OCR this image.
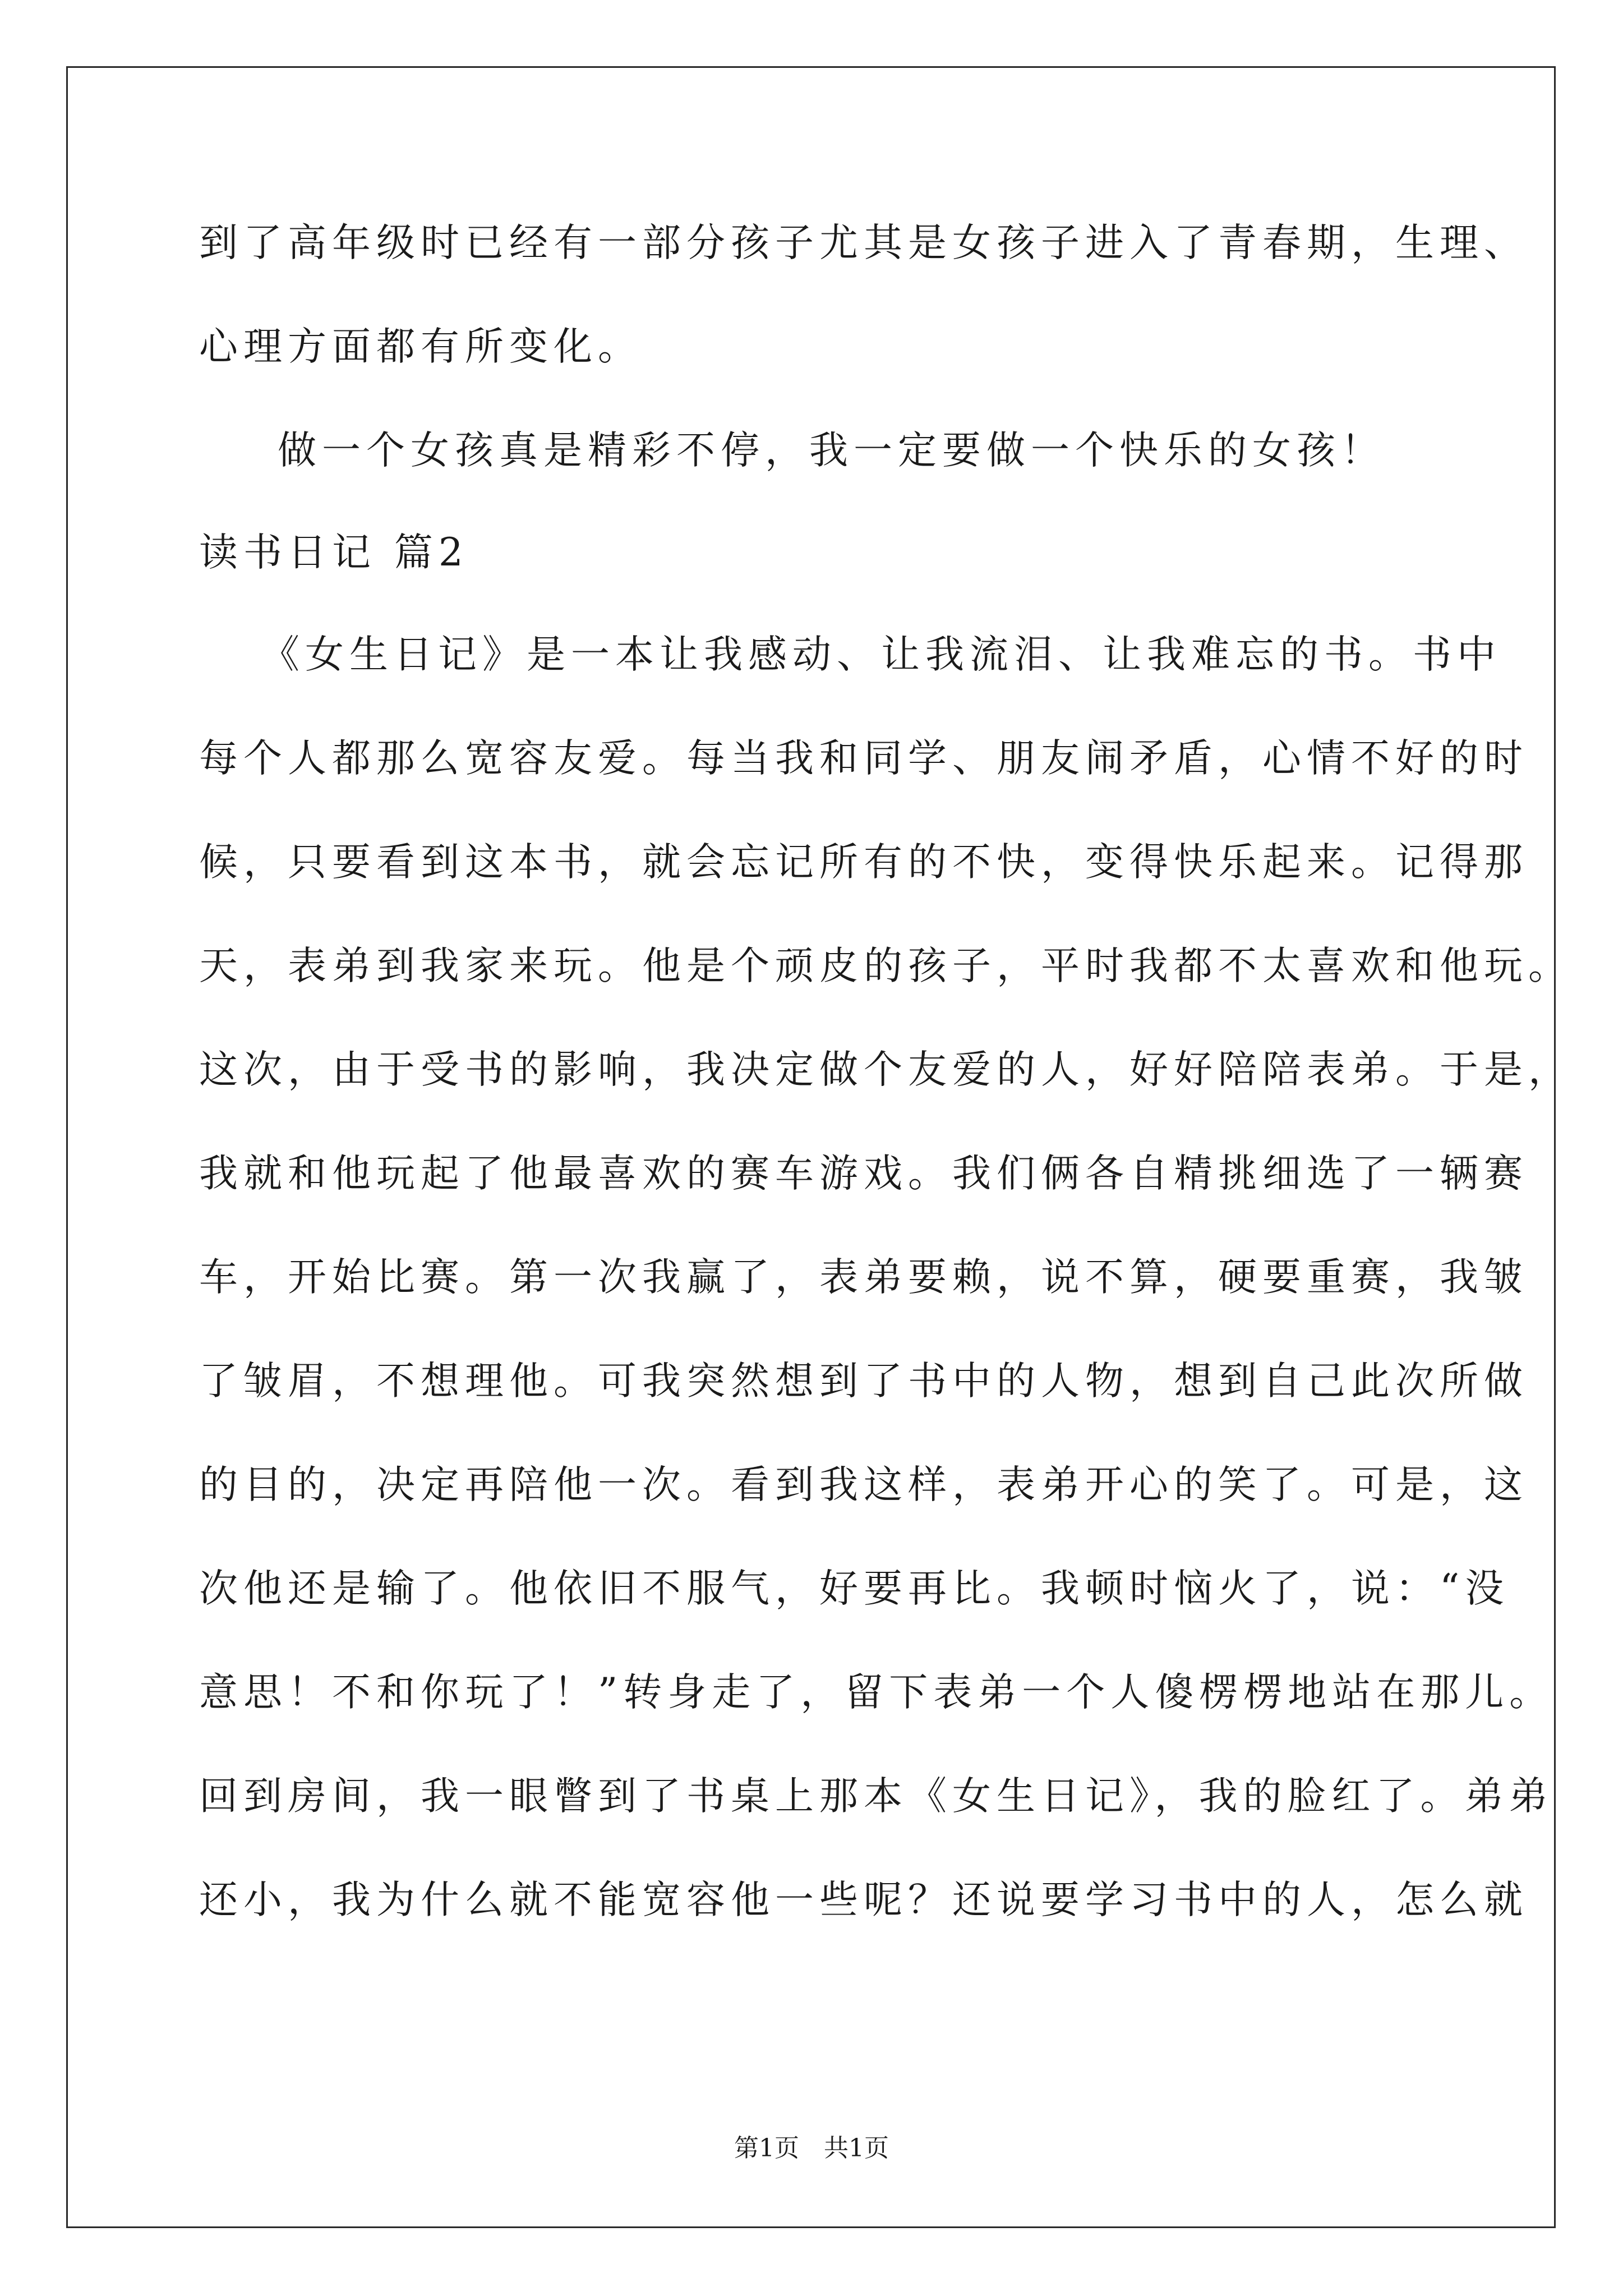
到了高年级时已经有一部分孩子尤其是女孩子进入了青春期，生理、
心理方面都有所变化。
做一个女孩真是精彩不停，我一定要做一个快乐的女孩！
读书日记 篇2
《女生日记》是一本让我感动、让我流泪、让我难忘的书。书中
每个人都那么宽容友爱。每当我和同学、朋友闹矛盾，心情不好的时
候，只要看到这本书，就会忘记所有的不快，变得快乐起来。记得那
天，表弟到我家来玩。他是个顽皮的孩子，平时我都不太喜欢和他玩。
这次，由于受书的影响，我决定做个友爱的人，好好陪陪表弟。于是，
我就和他玩起了他最喜欢的赛车游戏。我们俩各自精挑细选了一辆赛
车，开始比赛。第一次我赢了，表弟要赖，说不算，硬要重赛，我皱
了皱眉，不想理他。可我突然想到了书中的人物，想到自己此次所做
的目的，决定再陪他一次。看到我这样，表弟开心的笑了。可是，这
次他还是输了。他依旧不服气，好要再比。我顿时恼火了，说：“没
意思！不和你玩了！”转身走了，留下表弟一个人傻楞楞地站在那儿。
回到房间，我一眼瞥到了书桌上那本《女生日记》，我的脸红了。弟弟
还小，我为什么就不能宽容他一些呢？还说要学习书中的人，怎么就
第1页 共1页
